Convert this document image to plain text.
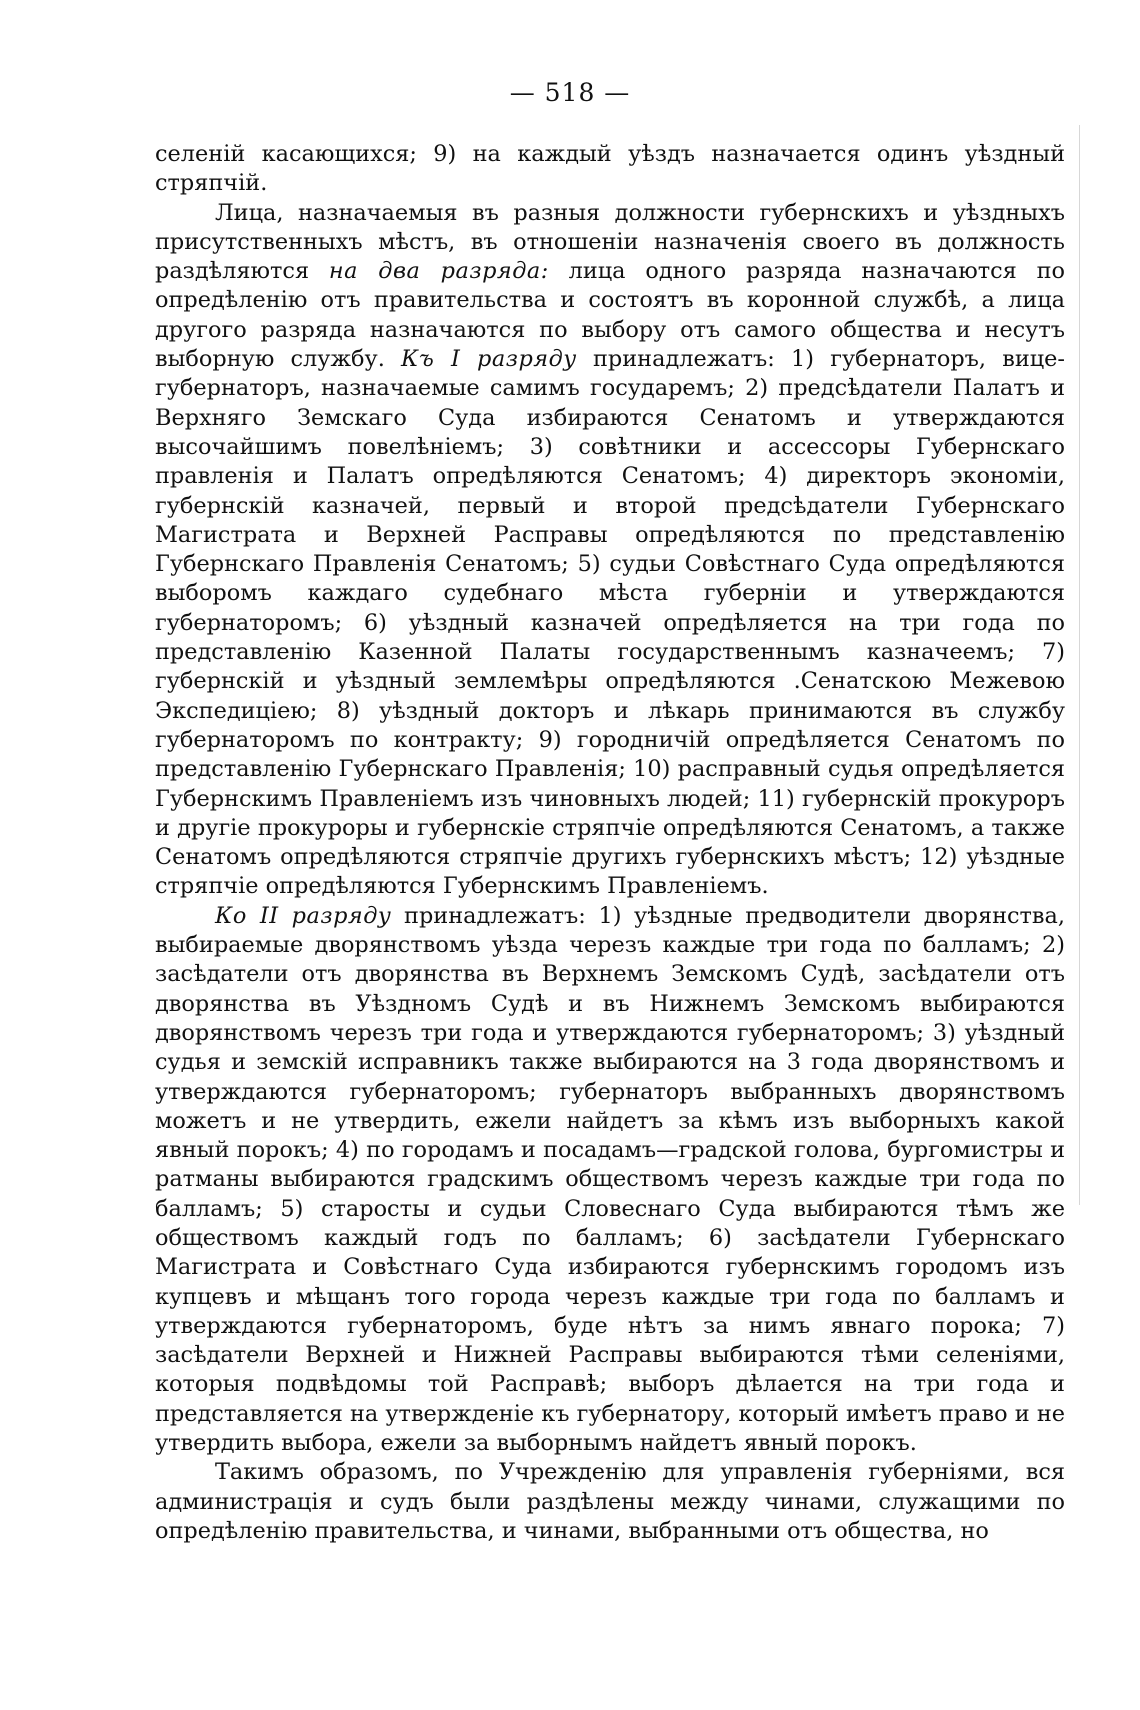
— 518 —

селеній касающихся; 9) на каждый уѣздъ назначается одинъ уѣздный стряпчій.

Лица, назначаемыя въ разныя должности губернскихъ и уѣздныхъ присутственныхъ мѣстъ, въ отношеніи назначенія своего въ должность раздѣляются на два разряда: лица одного разряда назначаются по опредѣленію отъ правительства и состоятъ въ коронной службѣ, а лица другого разряда назначаются по выбору отъ самого общества и несутъ выборную службу. Къ I разряду принадлежатъ: 1) губернаторъ, вице-губернаторъ, назначаемые самимъ государемъ; 2) предсѣдатели Палатъ и Верхняго Земскаго Суда избираются Сенатомъ и утверждаются высочайшимъ повелѣніемъ; 3) совѣтники и ассессоры Губернскаго правленія и Палатъ опредѣляются Сенатомъ; 4) директоръ экономіи, губернскій казначей, первый и второй предсѣдатели Губернскаго Магистрата и Верхней Расправы опредѣляются по представленію Губернскаго Правленія Сенатомъ; 5) судьи Совѣстнаго Суда опредѣляются выборомъ каждаго судебнаго мѣста губерніи и утверждаются губернаторомъ; 6) уѣздный казначей опредѣляется на три года по представленію Казенной Палаты государственнымъ казначеемъ; 7) губернскій и уѣздный землемѣры опредѣляются .Сенатскою Межевою Экспедиціею; 8) уѣздный докторъ и лѣкарь принимаются въ службу губернаторомъ по контракту; 9) городничій опредѣляется Сенатомъ по представленію Губернскаго Правленія; 10) расправный судья опредѣляется Губернскимъ Правленіемъ изъ чиновныхъ людей; 11) губернскій прокуроръ и другіе прокуроры и губернскіе стряпчіе опредѣляются Сенатомъ, а также Сенатомъ опредѣляются стряпчіе другихъ губернскихъ мѣстъ; 12) уѣздные стряпчіе опредѣляются Губернскимъ Правленіемъ.

Ко II разряду принадлежатъ: 1) уѣздные предводители дворянства, выбираемые дворянствомъ уѣзда черезъ каждые три года по балламъ; 2) засѣдатели отъ дворянства въ Верхнемъ Земскомъ Судѣ, засѣдатели отъ дворянства въ Уѣздномъ Судѣ и въ Нижнемъ Земскомъ выбираются дворянствомъ черезъ три года и утверждаются губернаторомъ; 3) уѣздный судья и земскій исправникъ также выбираются на 3 года дворянствомъ и утверждаются губернаторомъ; губернаторъ выбранныхъ дворянствомъ можетъ и не утвердить, ежели найдетъ за кѣмъ изъ выборныхъ какой явный порокъ; 4) по городамъ и посадамъ—градской голова, бургомистры и ратманы выбираются градскимъ обществомъ черезъ каждые три года по балламъ; 5) старосты и судьи Словеснаго Суда выбираются тѣмъ же обществомъ каждый годъ по балламъ; 6) засѣдатели Губернскаго Магистрата и Совѣстнаго Суда избираются губернскимъ городомъ изъ купцевъ и мѣщанъ того города черезъ каждые три года по балламъ и утверждаются губернаторомъ, буде нѣтъ за нимъ явнаго порока; 7) засѣдатели Верхней и Нижней Расправы выбираются тѣми селеніями, которыя подвѣдомы той Расправѣ; выборъ дѣлается на три года и представляется на утвержденіе къ губернатору, который имѣетъ право и не утвердить выбора, ежели за выборнымъ найдетъ явный порокъ.

Такимъ образомъ, по Учрежденію для управленія губерніями, вся администрація и судъ были раздѣлены между чинами, служащими по опредѣленію правительства, и чинами, выбранными отъ общества, но
